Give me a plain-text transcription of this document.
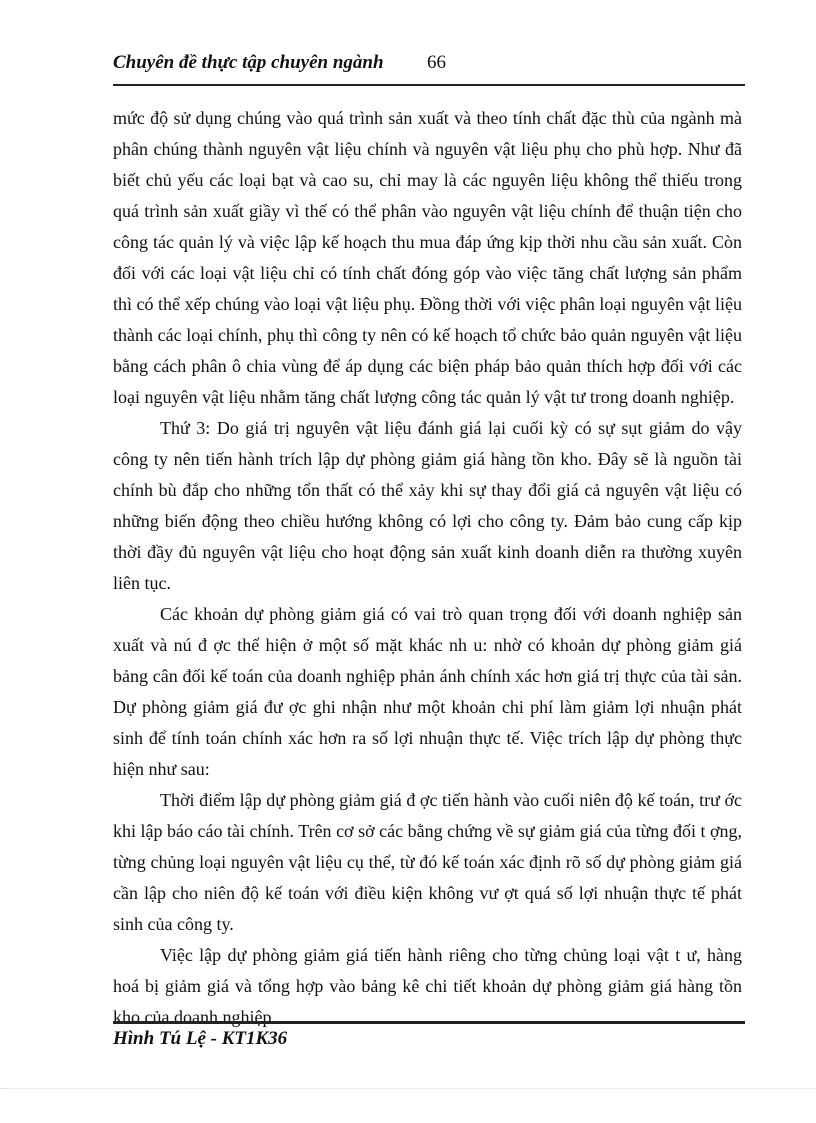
Chuyên đề thực tập chuyên ngành 66

mức độ sử dụng chúng vào quá trình sản xuất và theo tính chất đặc thù của ngành mà phân chúng thành nguyên vật liệu chính và nguyên vật liệu phụ cho phù hợp. Như đã biết chủ yếu các loại bạt và cao su, chỉ may là các nguyên liệu không thể thiếu trong quá trình sản xuất giầy vì thế có thể phân vào nguyên vật liệu chính để thuận tiện cho công tác quản lý và việc lập kế hoạch thu mua đáp ứng kịp thời nhu cầu sản xuất. Còn đối với các loại vật liệu chỉ có tính chất đóng góp vào việc tăng chất lượng sản phẩm thì có thể xếp chúng vào loại vật liệu phụ. Đồng thời với việc phân loại nguyên vật liệu thành các loại chính, phụ thì công ty nên có kế hoạch tổ chức bảo quản nguyên vật liệu bằng cách phân ô chia vùng để áp dụng các biện pháp bảo quản thích hợp đối với các loại nguyên vật liệu nhằm tăng chất lượng công tác quản lý vật tư trong doanh nghiệp.

Thứ 3: Do giá trị nguyên vật liệu đánh giá lại cuối kỳ có sự sụt giảm do vậy công ty nên tiến hành trích lập dự phòng giảm giá hàng tồn kho. Đây sẽ là nguồn tài chính bù đắp cho những tổn thất có thể xảy khi sự thay đổi giá cả nguyên vật liệu có những biến động theo chiều hướng không có lợi cho công ty. Đảm bảo cung cấp kịp thời đầy đủ nguyên vật liệu cho hoạt động sản xuất kinh doanh diễn ra thường xuyên liên tục.

Các khoản dự phòng giảm giá có vai trò quan trọng đối với doanh nghiệp sản xuất và nú đ ợc thể hiện ở một số mặt khác nh u: nhờ có khoản dự phòng giảm giá bảng cân đối kế toán của doanh nghiệp phản ánh chính xác hơn giá trị thực của tài sản. Dự phòng giảm giá đư ợc ghi nhận như một khoản chi phí làm giảm lợi nhuận phát sinh để tính toán chính xác hơn ra số lợi nhuận thực tế. Việc trích lập dự phòng thực hiện như sau:

Thời điểm lập dự phòng giảm giá đ ợc tiến hành vào cuối niên độ kế toán, trư ớc khi lập báo cáo tài chính. Trên cơ sở các bằng chứng về sự giảm giá của từng đối t ợng, từng chủng loại nguyên vật liệu cụ thể, từ đó kế toán xác định rõ số dự phòng giảm giá cần lập cho niên độ kế toán với điều kiện không vư ợt quá số lợi nhuận thực tế phát sinh của công ty.

Việc lập dự phòng giảm giá tiến hành riêng cho từng chủng loại vật t ư, hàng hoá bị giảm giá và tổng hợp vào bảng kê chi tiết khoản dự phòng giảm giá hàng tồn kho của doanh nghiệp.

Hình Tú Lệ - KT1K36
